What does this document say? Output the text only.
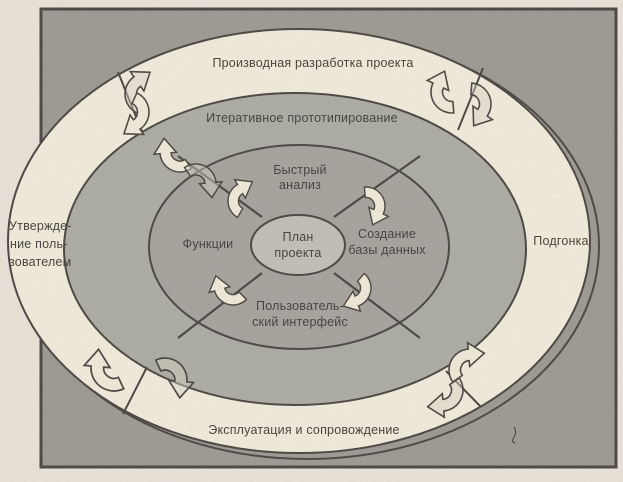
Производная разработка проекта
Эксплуатация и сопровождение
Подгонка
Итеративное прототипирование
Быстрый
анализ
Функции
Создание
базы данных
Пользователь-
ский интерфейс
План
проекта
Утвержде-
ние поль-
зователем
